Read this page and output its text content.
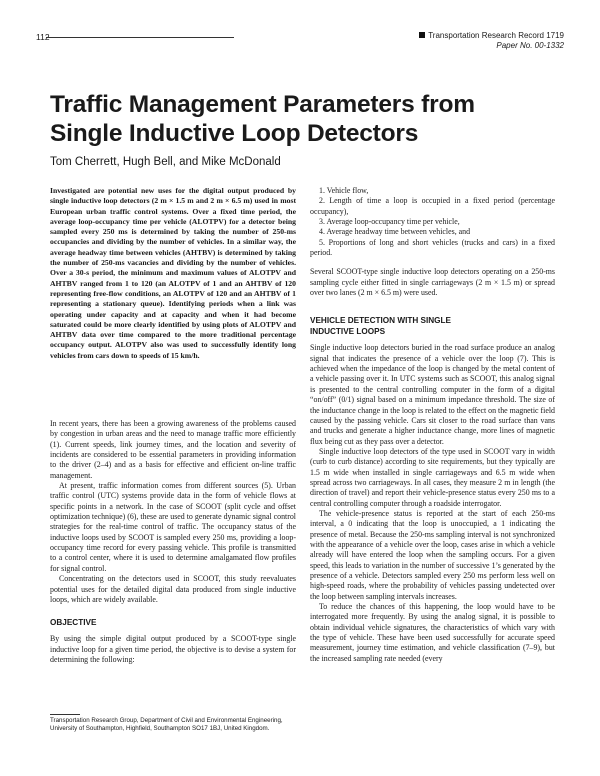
112	Transportation Research Record 1719
Paper No. 00-1332
Traffic Management Parameters from
Single Inductive Loop Detectors
Tom Cherrett, Hugh Bell, and Mike McDonald
Investigated are potential new uses for the digital output produced by single inductive loop detectors (2 m × 1.5 m and 2 m × 6.5 m) used in most European urban traffic control systems. Over a fixed time period, the average loop-occupancy time per vehicle (ALOTPV) for a detector being sampled every 250 ms is determined by taking the number of 250-ms occupancies and dividing by the number of vehicles. In a similar way, the average headway time between vehicles (AHTBV) is determined by taking the number of 250-ms vacancies and dividing by the number of vehicles. Over a 30-s period, the minimum and maximum values of ALOTPV and AHTBV ranged from 1 to 120 (an ALOTPV of 1 and an AHTBV of 120 representing free-flow conditions, an ALOTPV of 120 and an AHTBV of 1 representing a stationary queue). Identifying periods when a link was operating under capacity and at capacity and when it had become saturated could be more clearly identified by using plots of ALOTPV and AHTBV data over time compared to the more traditional percentage occupancy output. ALOTPV also was used to successfully identify long vehicles from cars down to speeds of 15 km/h.

In recent years, there has been a growing awareness of the problems caused by congestion in urban areas and the need to manage traffic more efficiently (1). Current speeds, link journey times, and the location and severity of incidents are considered to be essential parameters in providing information to the driver (2–4) and as a basis for effective and efficient on-line traffic management.

At present, traffic information comes from different sources (5). Urban traffic control (UTC) systems provide data in the form of vehicle flows at specific points in a network. In the case of SCOOT (split cycle and offset optimization technique) (6), these are used to generate dynamic signal control strategies for the real-time control of traffic. The occupancy status of the inductive loops used by SCOOT is sampled every 250 ms, providing a loop-occupancy time record for every passing vehicle. This profile is transmitted to a control center, where it is used to determine amalgamated flow profiles for signal control.

Concentrating on the detectors used in SCOOT, this study reevaluates potential uses for the detailed digital data produced from single inductive loops, which are widely available.

OBJECTIVE

By using the simple digital output produced by a SCOOT-type single inductive loop for a given time period, the objective is to devise a system for determining the following:

Transportation Research Group, Department of Civil and Environmental Engineering, University of Southampton, Highfield, Southampton SO17 1BJ, United Kingdom.
1. Vehicle flow,
2. Length of time a loop is occupied in a fixed period (percentage occupancy),
3. Average loop-occupancy time per vehicle,
4. Average headway time between vehicles, and
5. Proportions of long and short vehicles (trucks and cars) in a fixed period.

Several SCOOT-type single inductive loop detectors operating on a 250-ms sampling cycle either fitted in single carriageways (2 m × 1.5 m) or spread over two lanes (2 m × 6.5 m) were used.

VEHICLE DETECTION WITH SINGLE
INDUCTIVE LOOPS

Single inductive loop detectors buried in the road surface produce an analog signal that indicates the presence of a vehicle over the loop (7). This is achieved when the impedance of the loop is changed by the metal content of a vehicle passing over it. In UTC systems such as SCOOT, this analog signal is presented to the central controlling computer in the form of a digital “on/off” (0/1) signal based on a minimum impedance threshold. The size of the inductance change in the loop is related to the effect on the magnetic field caused by the passing vehicle. Cars sit closer to the road surface than vans and trucks and generate a higher inductance change, more lines of magnetic flux being cut as they pass over a detector.

Single inductive loop detectors of the type used in SCOOT vary in width (curb to curb distance) according to site requirements, but they typically are 1.5 m wide when installed in single carriageways and 6.5 m wide when spread across two carriageways. In all cases, they measure 2 m in length (the direction of travel) and report their vehicle-presence status every 250 ms to a central controlling computer through a roadside interrogator.

The vehicle-presence status is reported at the start of each 250-ms interval, a 0 indicating that the loop is unoccupied, a 1 indicating the presence of metal. Because the 250-ms sampling interval is not synchronized with the appearance of a vehicle over the loop, cases arise in which a vehicle already will have entered the loop when the sampling occurs. For a given speed, this leads to variation in the number of successive 1’s generated by the presence of a vehicle. Detectors sampled every 250 ms perform less well on high-speed roads, where the probability of vehicles passing undetected over the loop between sampling intervals increases.

To reduce the chances of this happening, the loop would have to be interrogated more frequently. By using the analog signal, it is possible to obtain individual vehicle signatures, the characteristics of which vary with the type of vehicle. These have been used successfully for accurate speed measurement, journey time estimation, and vehicle classification (7–9), but the increased sampling rate needed (every
